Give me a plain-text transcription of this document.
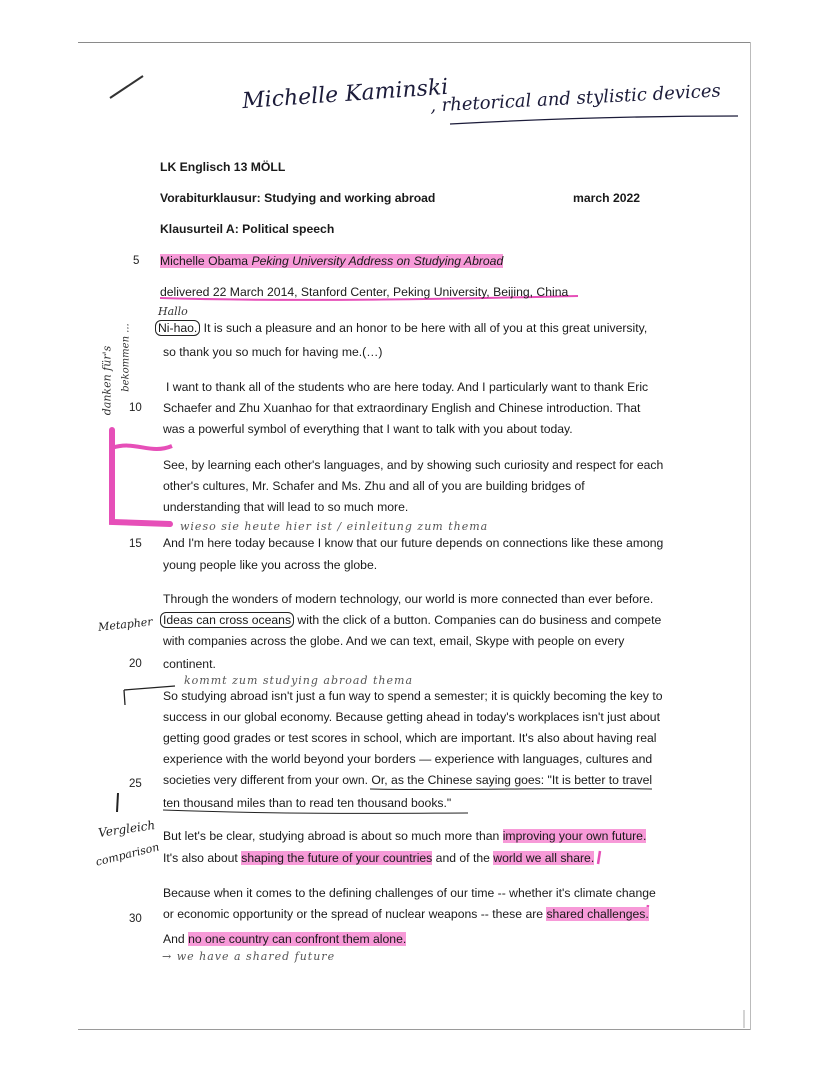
Michelle Kaminski
, rhetorical and stylistic devices
Hallo
danken für's bekommen ...
wieso sie heute hier ist / einleitung zum thema
Metapher
kommt zum studying abroad thema
Vergleich
comparison
→ we have a shared future
LK Englisch 13 MÖLL
Vorabiturklausur: Studying and working abroad	march 2022
Klausurteil A: Political speech
5
10
15
20
25
30
Michelle Obama Peking University Address on Studying Abroad
delivered 22 March 2014, Stanford Center, Peking University, Beijing, China
Ni-hao. It is such a pleasure and an honor to be here with all of you at this great university,
so thank you so much for having me.(…)
I want to thank all of the students who are here today. And I particularly want to thank Eric
Schaefer and Zhu Xuanhao for that extraordinary English and Chinese introduction. That
was a powerful symbol of everything that I want to talk with you about today.
See, by learning each other's languages, and by showing such curiosity and respect for each
other's cultures, Mr. Schafer and Ms. Zhu and all of you are building bridges of
understanding that will lead to so much more.
And I'm here today because I know that our future depends on connections like these among
young people like you across the globe.
Through the wonders of modern technology, our world is more connected than ever before.
Ideas can cross oceans with the click of a button. Companies can do business and compete
with companies across the globe. And we can text, email, Skype with people on every
continent.
So studying abroad isn't just a fun way to spend a semester; it is quickly becoming the key to
success in our global economy. Because getting ahead in today's workplaces isn't just about
getting good grades or test scores in school, which are important. It's also about having real
experience with the world beyond your borders — experience with languages, cultures and
societies very different from your own. Or, as the Chinese saying goes: "It is better to travel
ten thousand miles than to read ten thousand books."
But let's be clear, studying abroad is about so much more than improving your own future.
It's also about shaping the future of your countries and of the world we all share.
Because when it comes to the defining challenges of our time -- whether it's climate change
or economic opportunity or the spread of nuclear weapons -- these are shared challenges.
And no one country can confront them alone.
